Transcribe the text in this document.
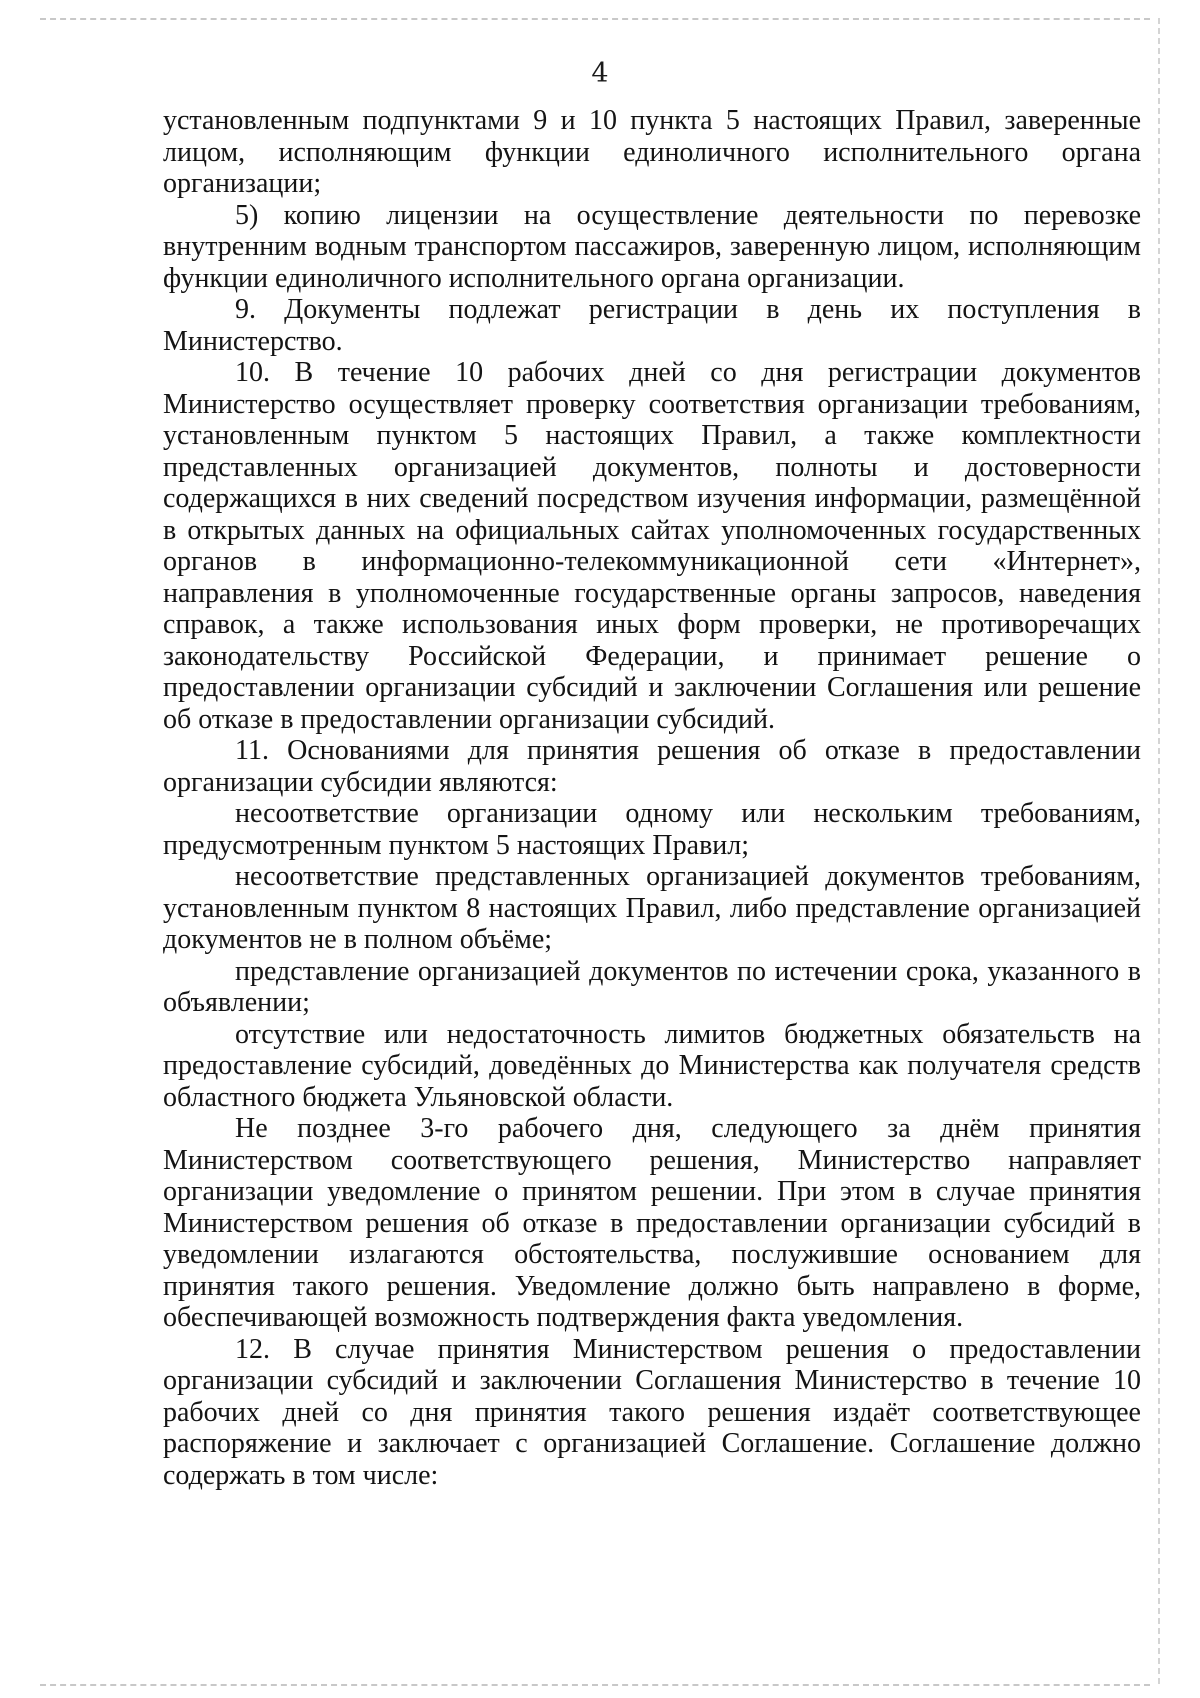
4

установленным подпунктами 9 и 10 пункта 5 настоящих Правил, заверенные лицом, исполняющим функции единоличного исполнительного органа организации;

5) копию лицензии на осуществление деятельности по перевозке внутренним водным транспортом пассажиров, заверенную лицом, исполняющим функции единоличного исполнительного органа организации.

9. Документы подлежат регистрации в день их поступления в Министерство.

10. В течение 10 рабочих дней со дня регистрации документов Министерство осуществляет проверку соответствия организации требованиям, установленным пунктом 5 настоящих Правил, а также комплектности представленных организацией документов, полноты и достоверности содержащихся в них сведений посредством изучения информации, размещённой в открытых данных на официальных сайтах уполномоченных государственных органов в информационно-телекоммуникационной сети «Интернет», направления в уполномоченные государственные органы запросов, наведения справок, а также использования иных форм проверки, не противоречащих законодательству Российской Федерации, и принимает решение о предоставлении организации субсидий и заключении Соглашения или решение об отказе в предоставлении организации субсидий.

11. Основаниями для принятия решения об отказе в предоставлении организации субсидии являются:

несоответствие организации одному или нескольким требованиям, предусмотренным пунктом 5 настоящих Правил;

несоответствие представленных организацией документов требованиям, установленным пунктом 8 настоящих Правил, либо представление организацией документов не в полном объёме;

представление организацией документов по истечении срока, указанного в объявлении;

отсутствие или недостаточность лимитов бюджетных обязательств на предоставление субсидий, доведённых до Министерства как получателя средств областного бюджета Ульяновской области.

Не позднее 3-го рабочего дня, следующего за днём принятия Министерством соответствующего решения, Министерство направляет организации уведомление о принятом решении. При этом в случае принятия Министерством решения об отказе в предоставлении организации субсидий в уведомлении излагаются обстоятельства, послужившие основанием для принятия такого решения. Уведомление должно быть направлено в форме, обеспечивающей возможность подтверждения факта уведомления.

12. В случае принятия Министерством решения о предоставлении организации субсидий и заключении Соглашения Министерство в течение 10 рабочих дней со дня принятия такого решения издаёт соответствующее распоряжение и заключает с организацией Соглашение. Соглашение должно содержать в том числе:
